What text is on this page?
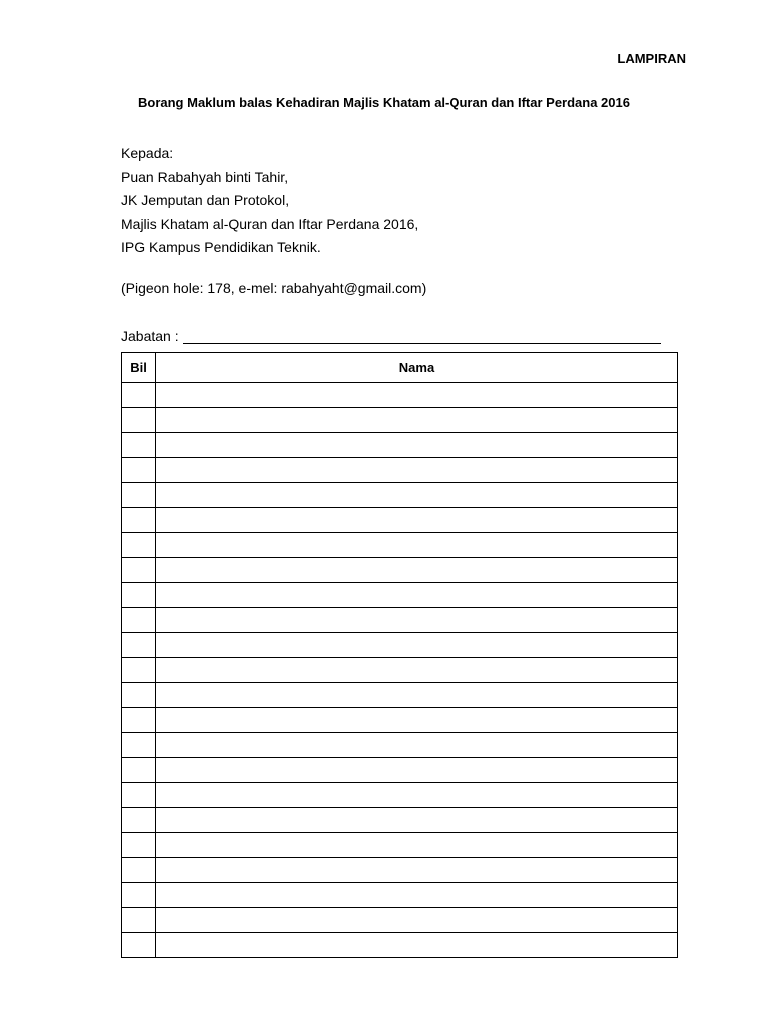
LAMPIRAN
Borang Maklum balas Kehadiran Majlis Khatam al-Quran dan Iftar Perdana 2016
Kepada:
Puan Rabahyah binti Tahir,
JK Jemputan dan Protokol,
Majlis Khatam al-Quran dan Iftar Perdana 2016,
IPG Kampus Pendidikan Teknik.
(Pigeon hole: 178, e-mel: rabahyaht@gmail.com)
Jabatan :
Bil	Nama
